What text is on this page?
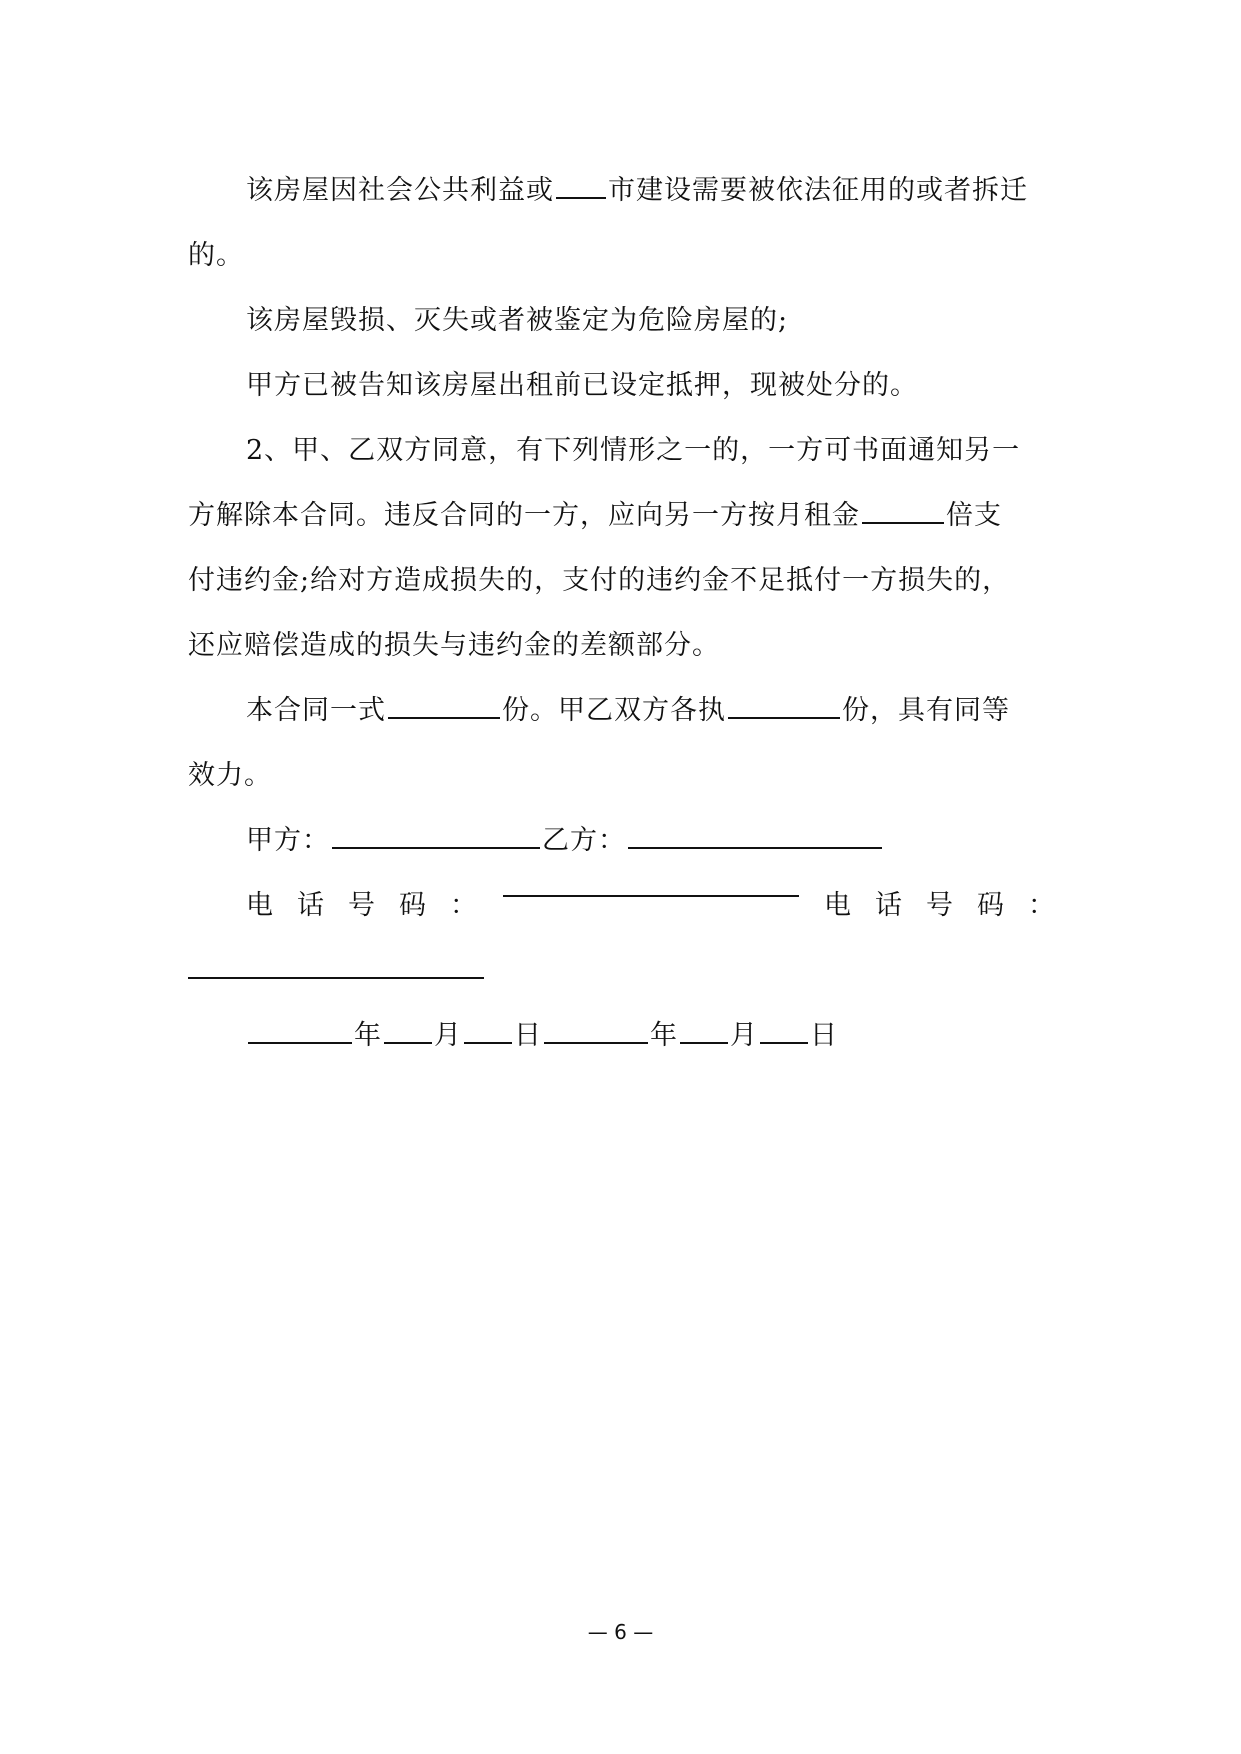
该房屋因社会公共利益或 市建设需要被依法征用的或者拆迁
的。
该房屋毁损、灭失或者被鉴定为危险房屋的;
甲方已被告知该房屋出租前已设定抵押，现被处分的。
2、甲、乙双方同意，有下列情形之一的，一方可书面通知另一
方解除本合同。违反合同的一方，应向另一方按月租金	倍支
付违约金;给对方造成损失的，支付的违约金不足抵付一方损失的，
还应赔偿造成的损失与违约金的差额部分。
本合同一式	份。甲乙双方各执	份，具有同等
效力。
甲方：	乙方：
电 话 号 码 ：	电 话 号 码 ：
年 月 日	年 月 日
— 6 —
